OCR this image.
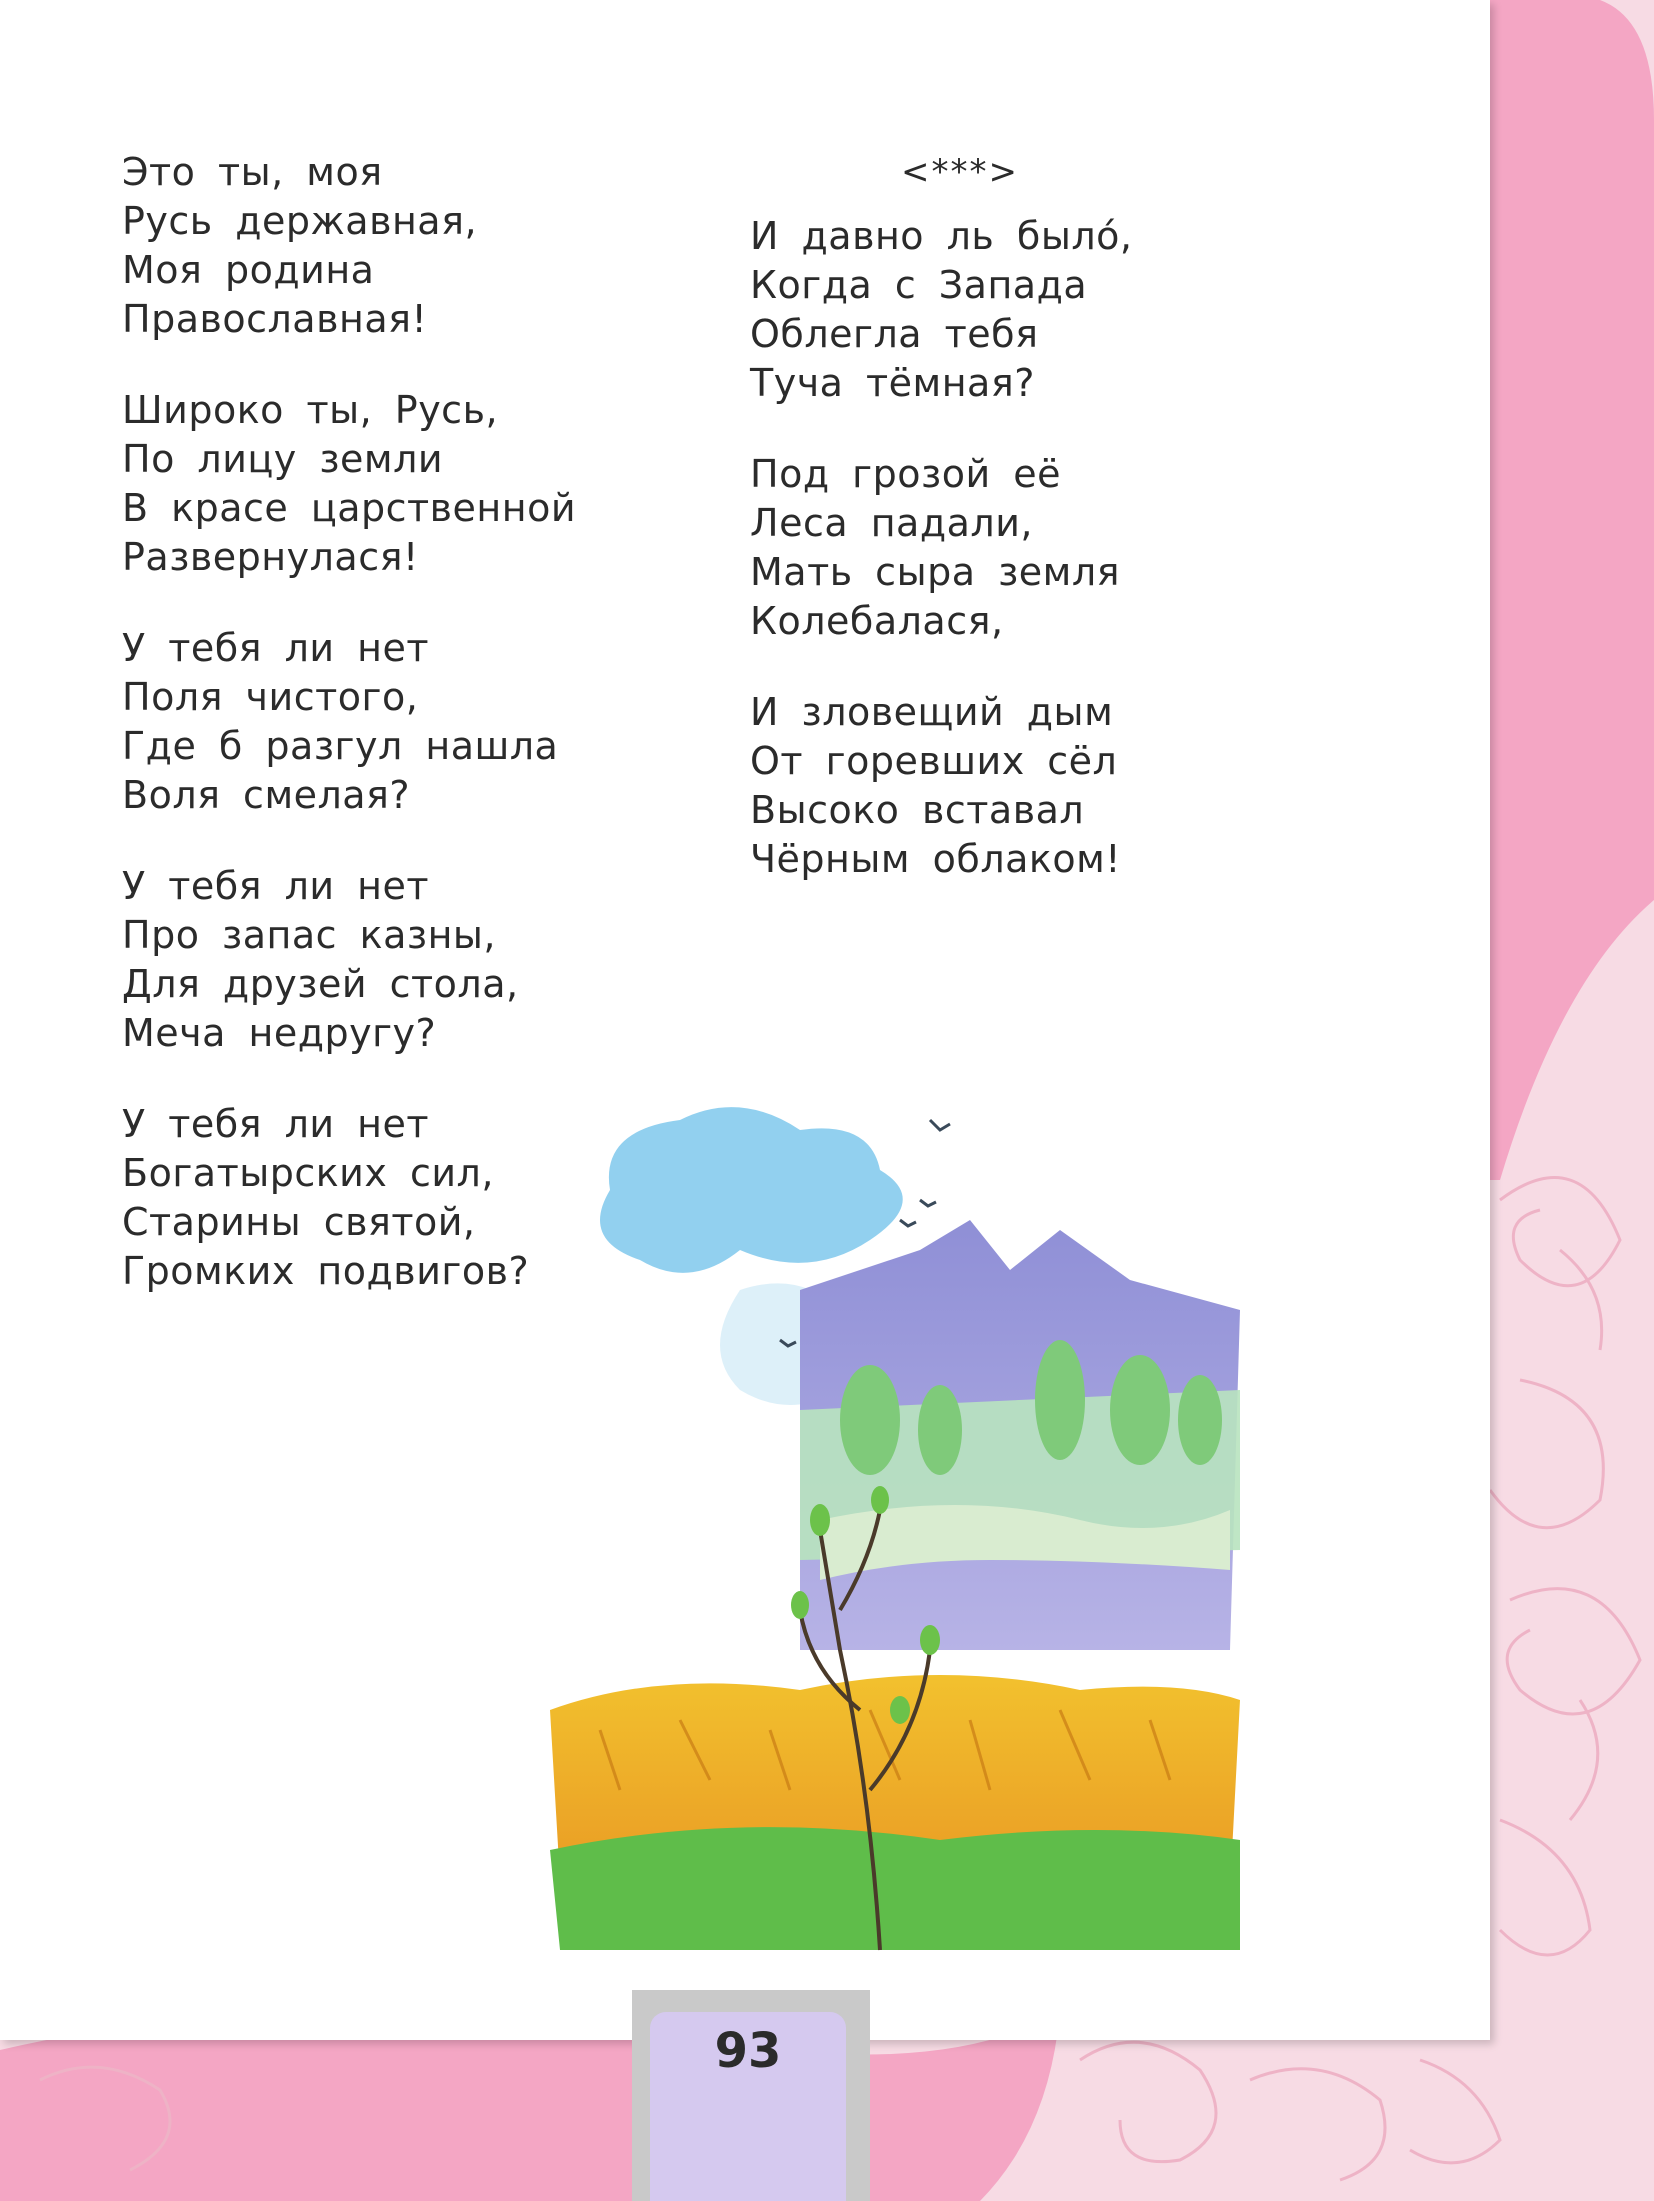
Это ты, моя
Русь державная,
Моя родина
Православная!
Широко ты, Русь,
По лицу земли
В красе царственной
Развернулася!
У тебя ли нет
Поля чистого,
Где б разгул нашла
Воля смелая?
У тебя ли нет
Про запас казны,
Для друзей стола,
Меча недругу?
У тебя ли нет
Богатырских сил,
Старины святой,
Громких подвигов?
<***>
И давно ль было́,
Когда с Запада
Облегла тебя
Туча тёмная?
Под грозой её
Леса падали,
Мать сыра земля
Колебалася,
И зловещий дым
От горевших сёл
Высоко вставал
Чёрным облаком!
93
